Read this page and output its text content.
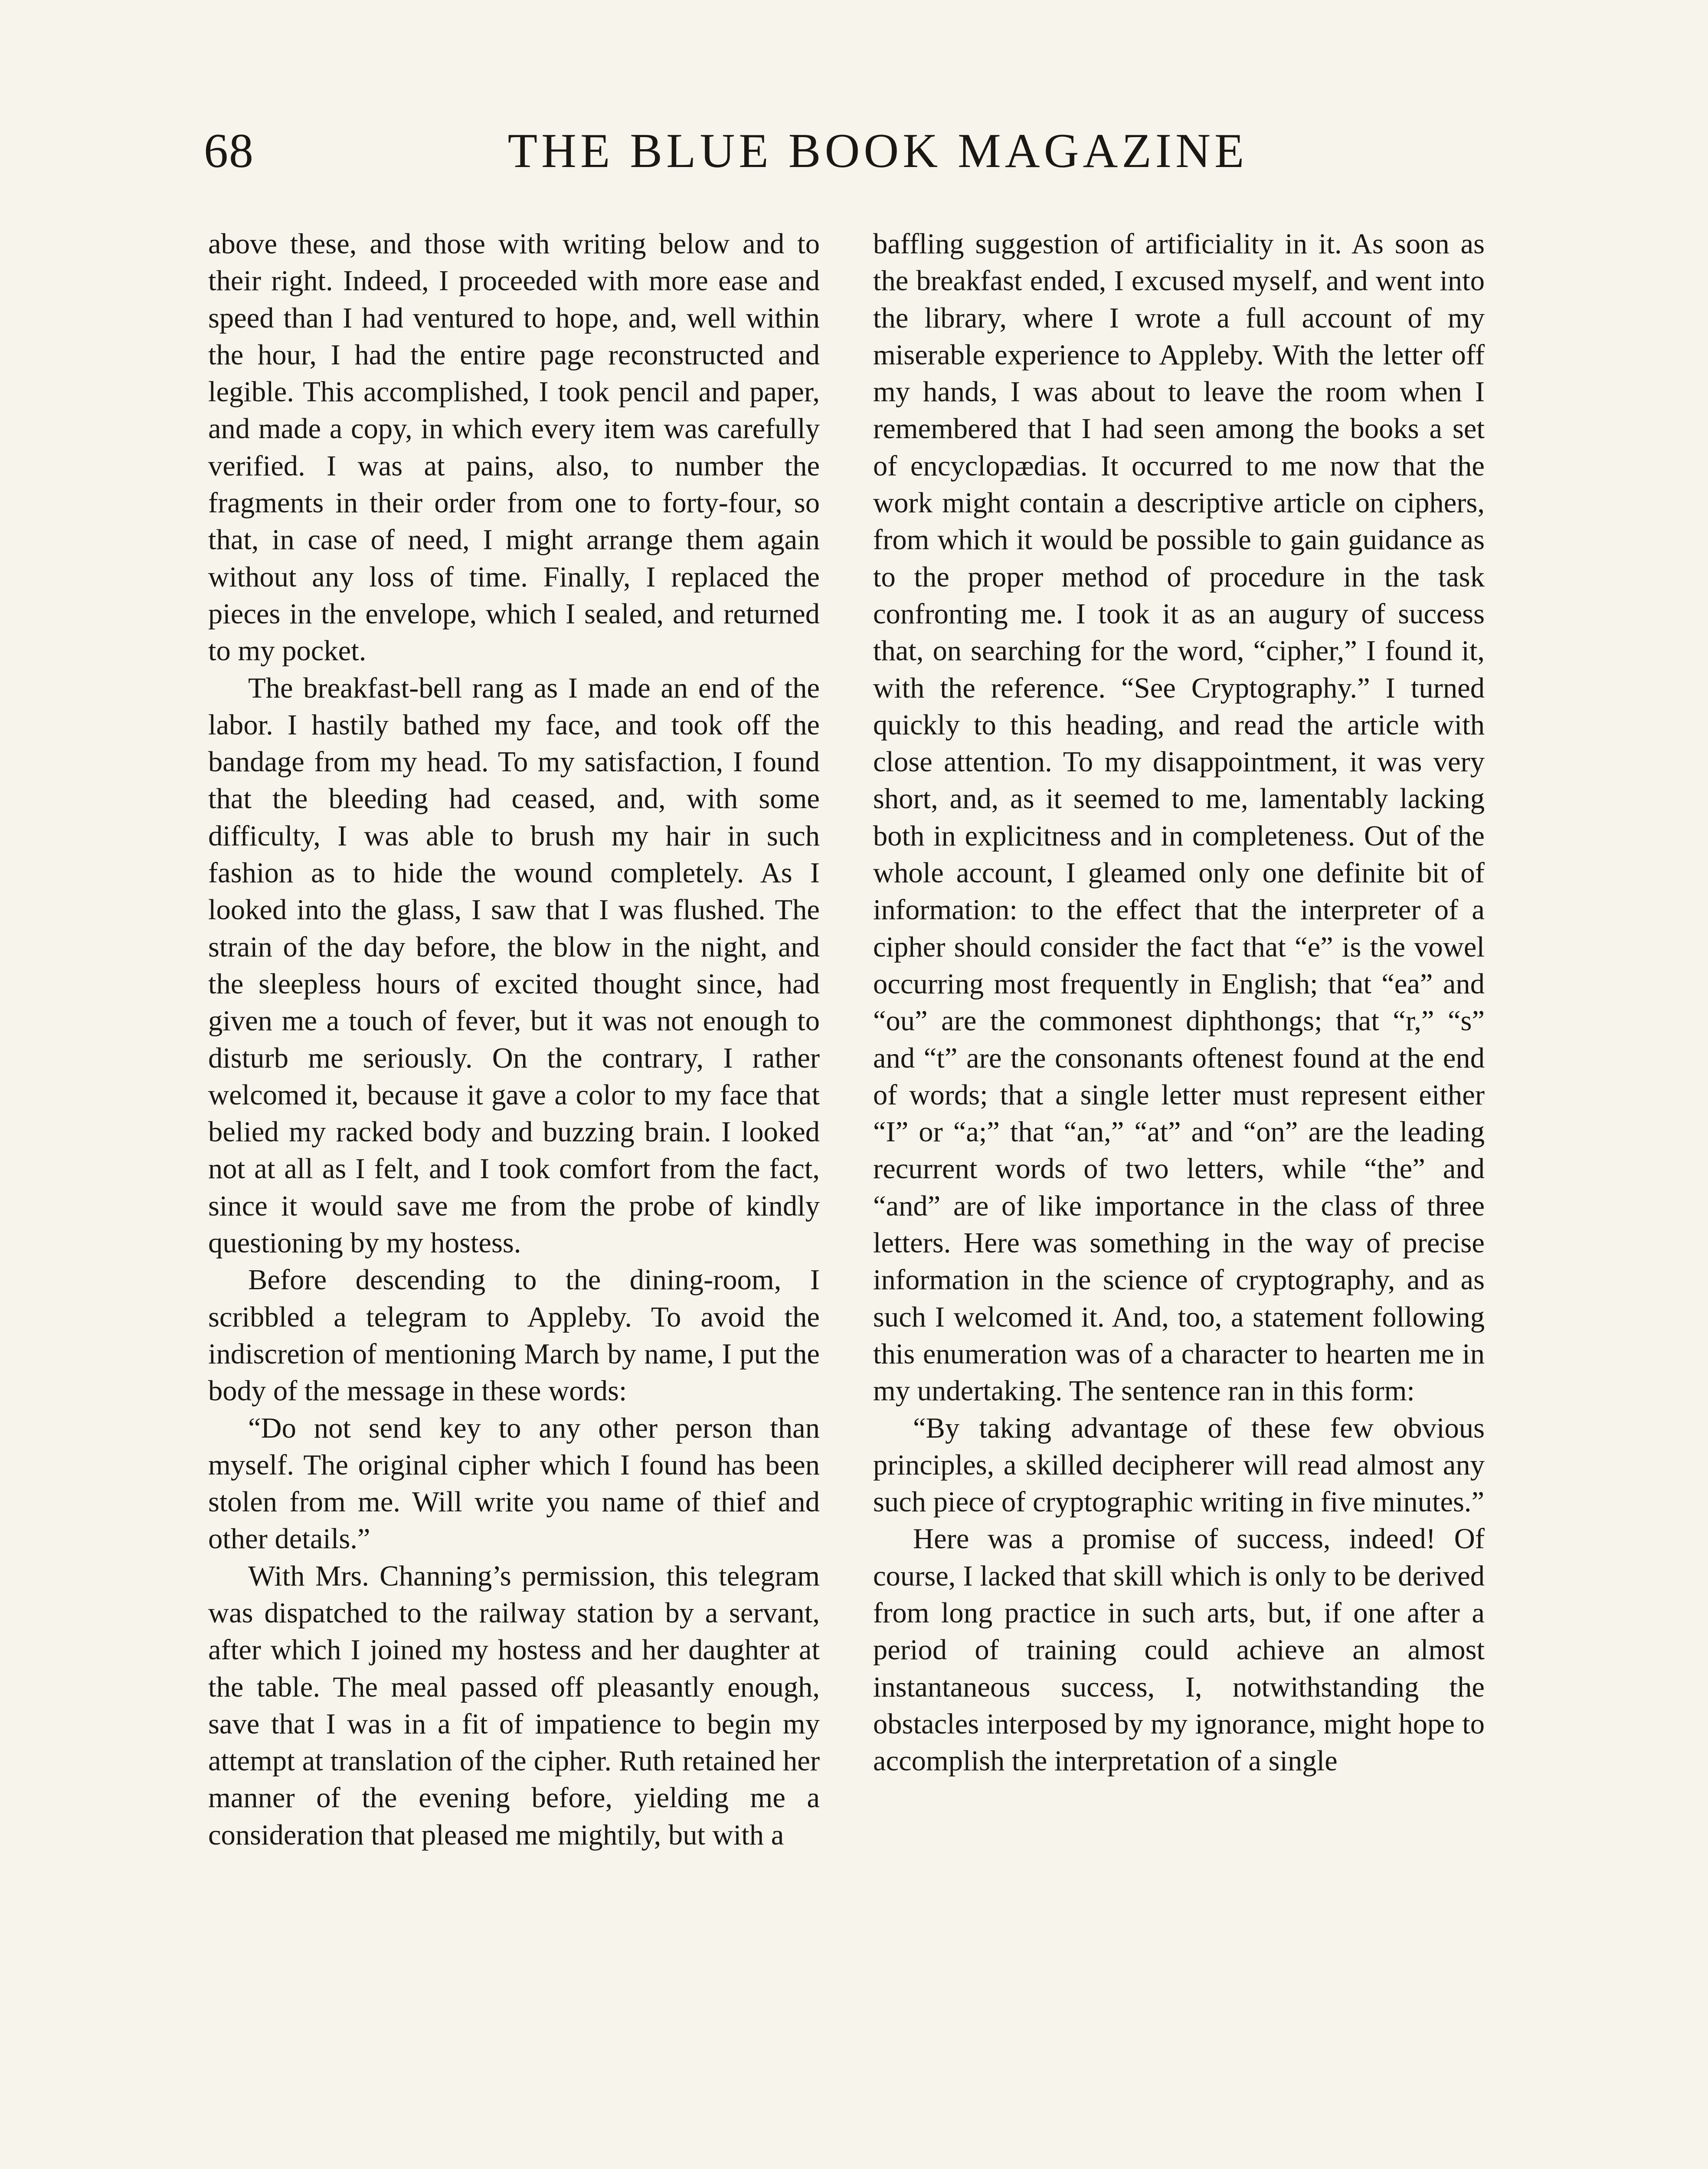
68	THE BLUE BOOK MAGAZINE

above these, and those with writing below and to their right. Indeed, I proceeded with more ease and speed than I had ventured to hope, and, well within the hour, I had the entire page reconstructed and legible. This accomplished, I took pencil and paper, and made a copy, in which every item was carefully verified. I was at pains, also, to number the fragments in their order from one to forty-four, so that, in case of need, I might arrange them again without any loss of time. Finally, I replaced the pieces in the envelope, which I sealed, and returned to my pocket.

The breakfast-bell rang as I made an end of the labor. I hastily bathed my face, and took off the bandage from my head. To my satisfaction, I found that the bleeding had ceased, and, with some difficulty, I was able to brush my hair in such fashion as to hide the wound completely. As I looked into the glass, I saw that I was flushed. The strain of the day before, the blow in the night, and the sleepless hours of excited thought since, had given me a touch of fever, but it was not enough to disturb me seriously. On the contrary, I rather welcomed it, because it gave a color to my face that belied my racked body and buzzing brain. I looked not at all as I felt, and I took comfort from the fact, since it would save me from the probe of kindly questioning by my hostess.

Before descending to the dining-room, I scribbled a telegram to Appleby. To avoid the indiscretion of mentioning March by name, I put the body of the message in these words:

“Do not send key to any other person than myself. The original cipher which I found has been stolen from me. Will write you name of thief and other details.”

With Mrs. Channing’s permission, this telegram was dispatched to the railway station by a servant, after which I joined my hostess and her daughter at the table. The meal passed off pleasantly enough, save that I was in a fit of impatience to begin my attempt at translation of the cipher. Ruth retained her manner of the evening before, yielding me a consideration that pleased me mightily, but with a

baffling suggestion of artificiality in it. As soon as the breakfast ended, I excused myself, and went into the library, where I wrote a full account of my miserable experience to Appleby. With the letter off my hands, I was about to leave the room when I remembered that I had seen among the books a set of encyclopædias. It occurred to me now that the work might contain a descriptive article on ciphers, from which it would be possible to gain guidance as to the proper method of procedure in the task confronting me. I took it as an augury of success that, on searching for the word, “cipher,” I found it, with the reference. “See Cryptography.” I turned quickly to this heading, and read the article with close attention. To my disappointment, it was very short, and, as it seemed to me, lamentably lacking both in explicitness and in completeness. Out of the whole account, I gleamed only one definite bit of information: to the effect that the interpreter of a cipher should consider the fact that “e” is the vowel occurring most frequently in English; that “ea” and “ou” are the commonest diphthongs; that “r,” “s” and “t” are the consonants oftenest found at the end of words; that a single letter must represent either “I” or “a;” that “an,” “at” and “on” are the leading recurrent words of two letters, while “the” and “and” are of like importance in the class of three letters. Here was something in the way of precise information in the science of cryptography, and as such I welcomed it. And, too, a statement following this enumeration was of a character to hearten me in my undertaking. The sentence ran in this form:

“By taking advantage of these few obvious principles, a skilled decipherer will read almost any such piece of cryptographic writing in five minutes.”

Here was a promise of success, indeed! Of course, I lacked that skill which is only to be derived from long practice in such arts, but, if one after a period of training could achieve an almost instantaneous success, I, notwithstanding the obstacles interposed by my ignorance, might hope to accomplish the interpretation of a single
